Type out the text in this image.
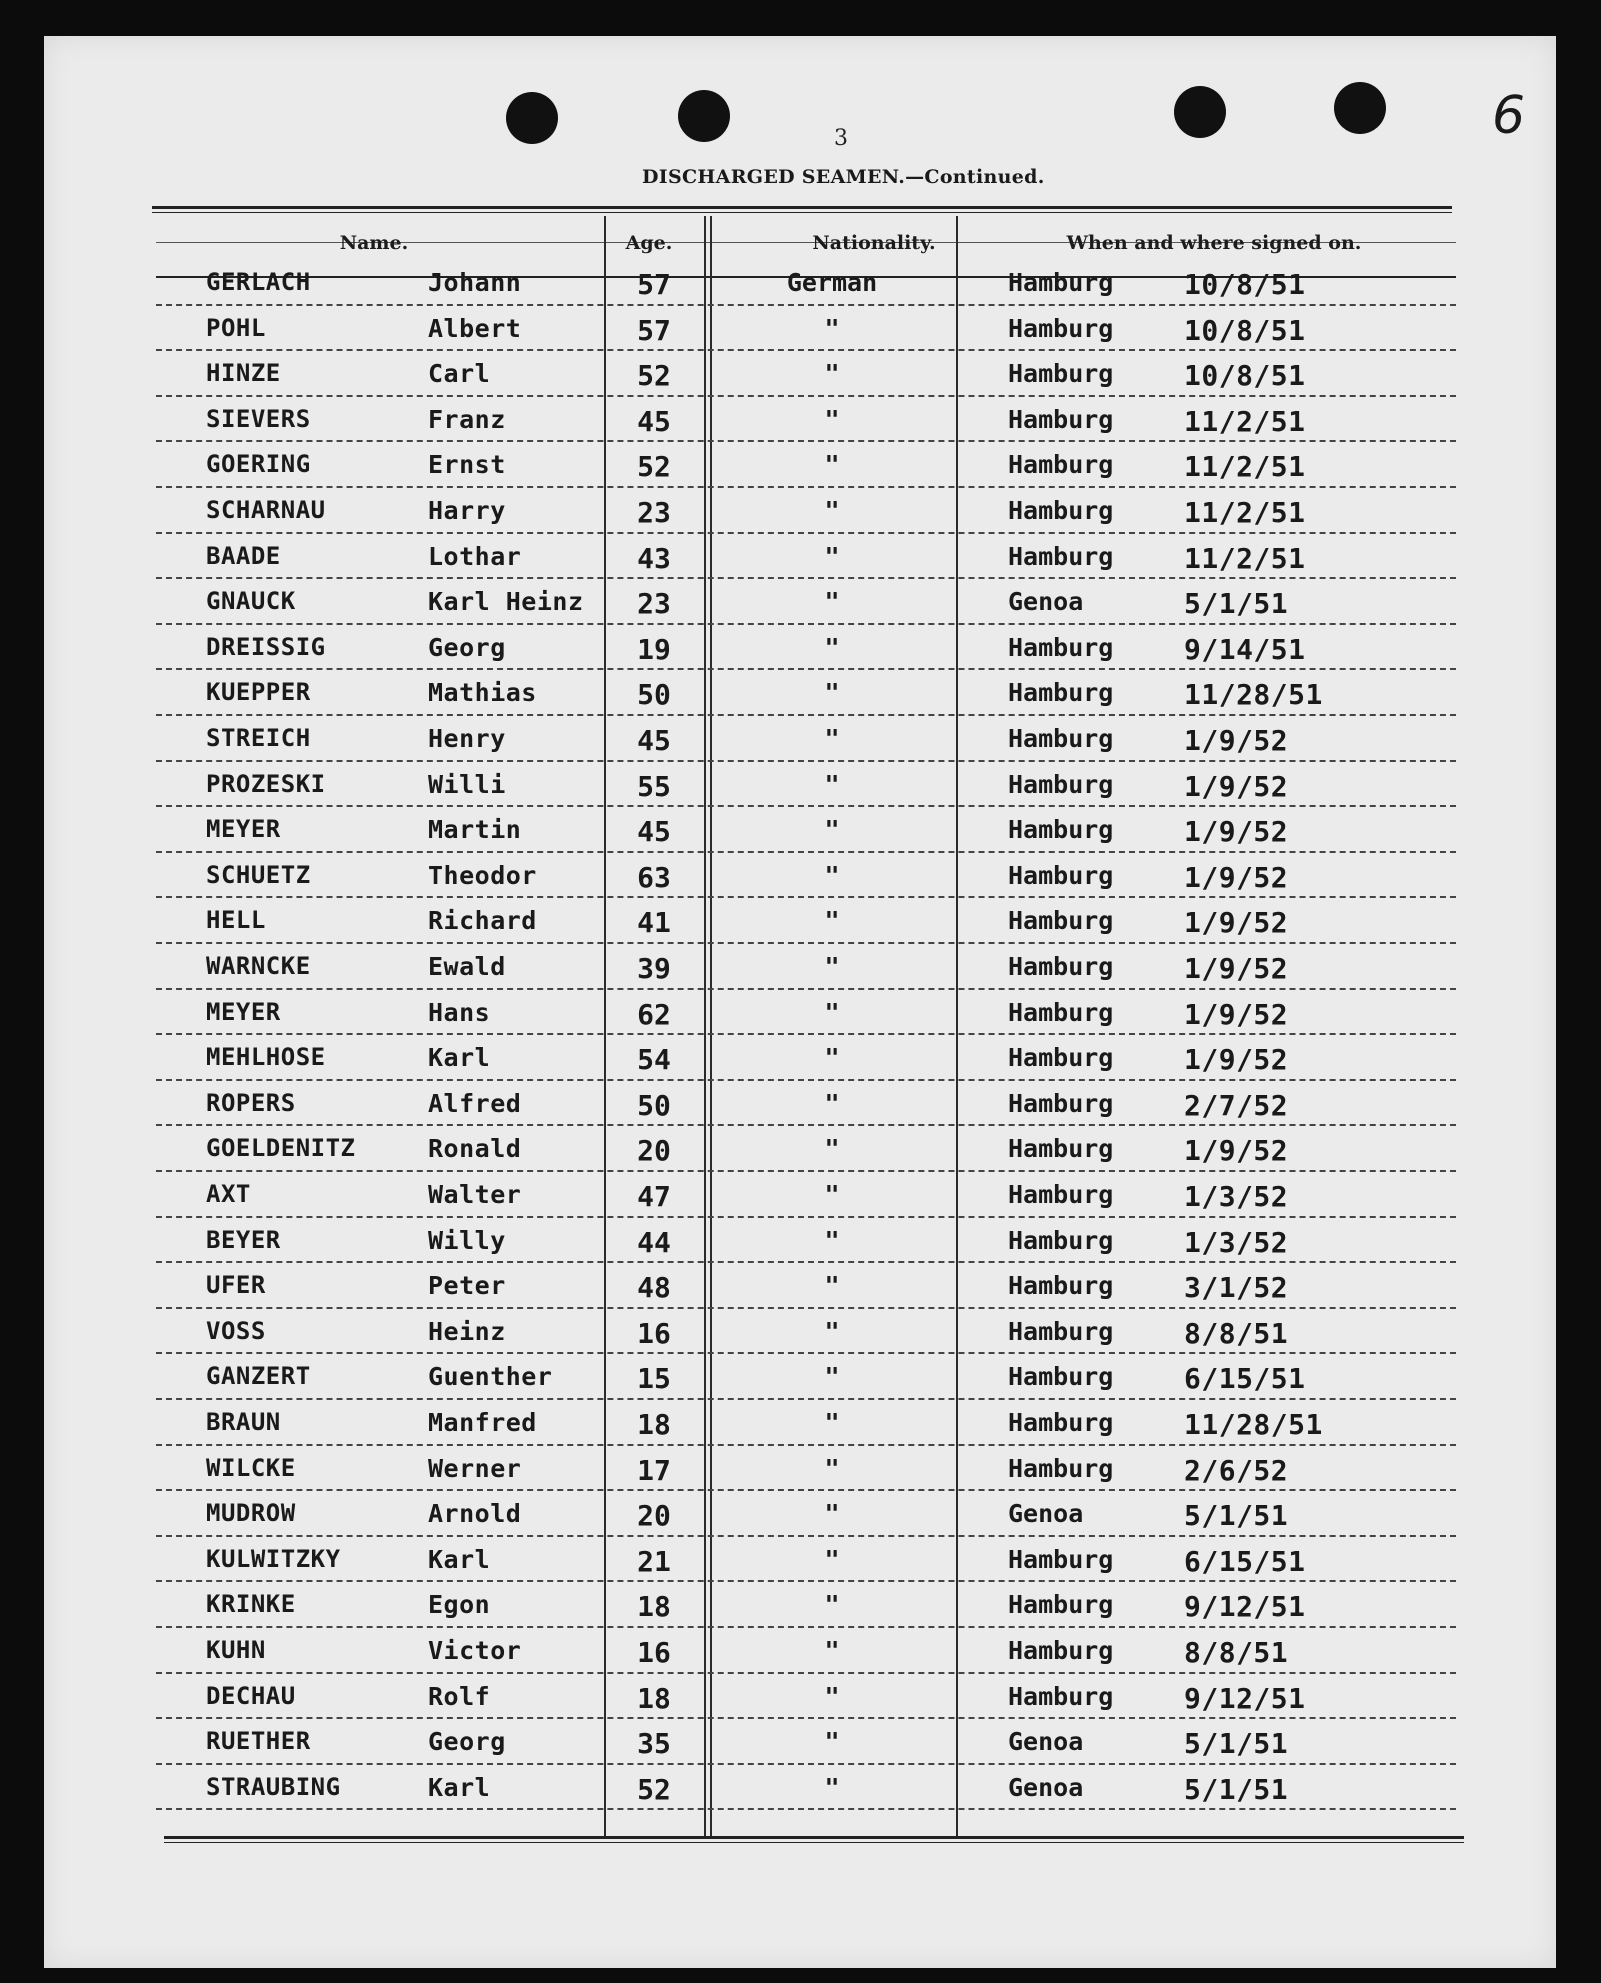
3
DISCHARGED SEAMEN.—Continued.
6
Name.	Age.	Nationality.	When and where signed on.
GERLACH	Johann	57	German	Hamburg	10/8/51
POHL	Albert	57	"	Hamburg	10/8/51
HINZE	Carl	52	"	Hamburg	10/8/51
SIEVERS	Franz	45	"	Hamburg	11/2/51
GOERING	Ernst	52	"	Hamburg	11/2/51
SCHARNAU	Harry	23	"	Hamburg	11/2/51
BAADE	Lothar	43	"	Hamburg	11/2/51
GNAUCK	Karl Heinz	23	"	Genoa	5/1/51
DREISSIG	Georg	19	"	Hamburg	9/14/51
KUEPPER	Mathias	50	"	Hamburg	11/28/51
STREICH	Henry	45	"	Hamburg	1/9/52
PROZESKI	Willi	55	"	Hamburg	1/9/52
MEYER	Martin	45	"	Hamburg	1/9/52
SCHUETZ	Theodor	63	"	Hamburg	1/9/52
HELL	Richard	41	"	Hamburg	1/9/52
WARNCKE	Ewald	39	"	Hamburg	1/9/52
MEYER	Hans	62	"	Hamburg	1/9/52
MEHLHOSE	Karl	54	"	Hamburg	1/9/52
ROPERS	Alfred	50	"	Hamburg	2/7/52
GOELDENITZ	Ronald	20	"	Hamburg	1/9/52
AXT	Walter	47	"	Hamburg	1/3/52
BEYER	Willy	44	"	Hamburg	1/3/52
UFER	Peter	48	"	Hamburg	3/1/52
VOSS	Heinz	16	"	Hamburg	8/8/51
GANZERT	Guenther	15	"	Hamburg	6/15/51
BRAUN	Manfred	18	"	Hamburg	11/28/51
WILCKE	Werner	17	"	Hamburg	2/6/52
MUDROW	Arnold	20	"	Genoa	5/1/51
KULWITZKY	Karl	21	"	Hamburg	6/15/51
KRINKE	Egon	18	"	Hamburg	9/12/51
KUHN	Victor	16	"	Hamburg	8/8/51
DECHAU	Rolf	18	"	Hamburg	9/12/51
RUETHER	Georg	35	"	Genoa	5/1/51
STRAUBING	Karl	52	"	Genoa	5/1/51
